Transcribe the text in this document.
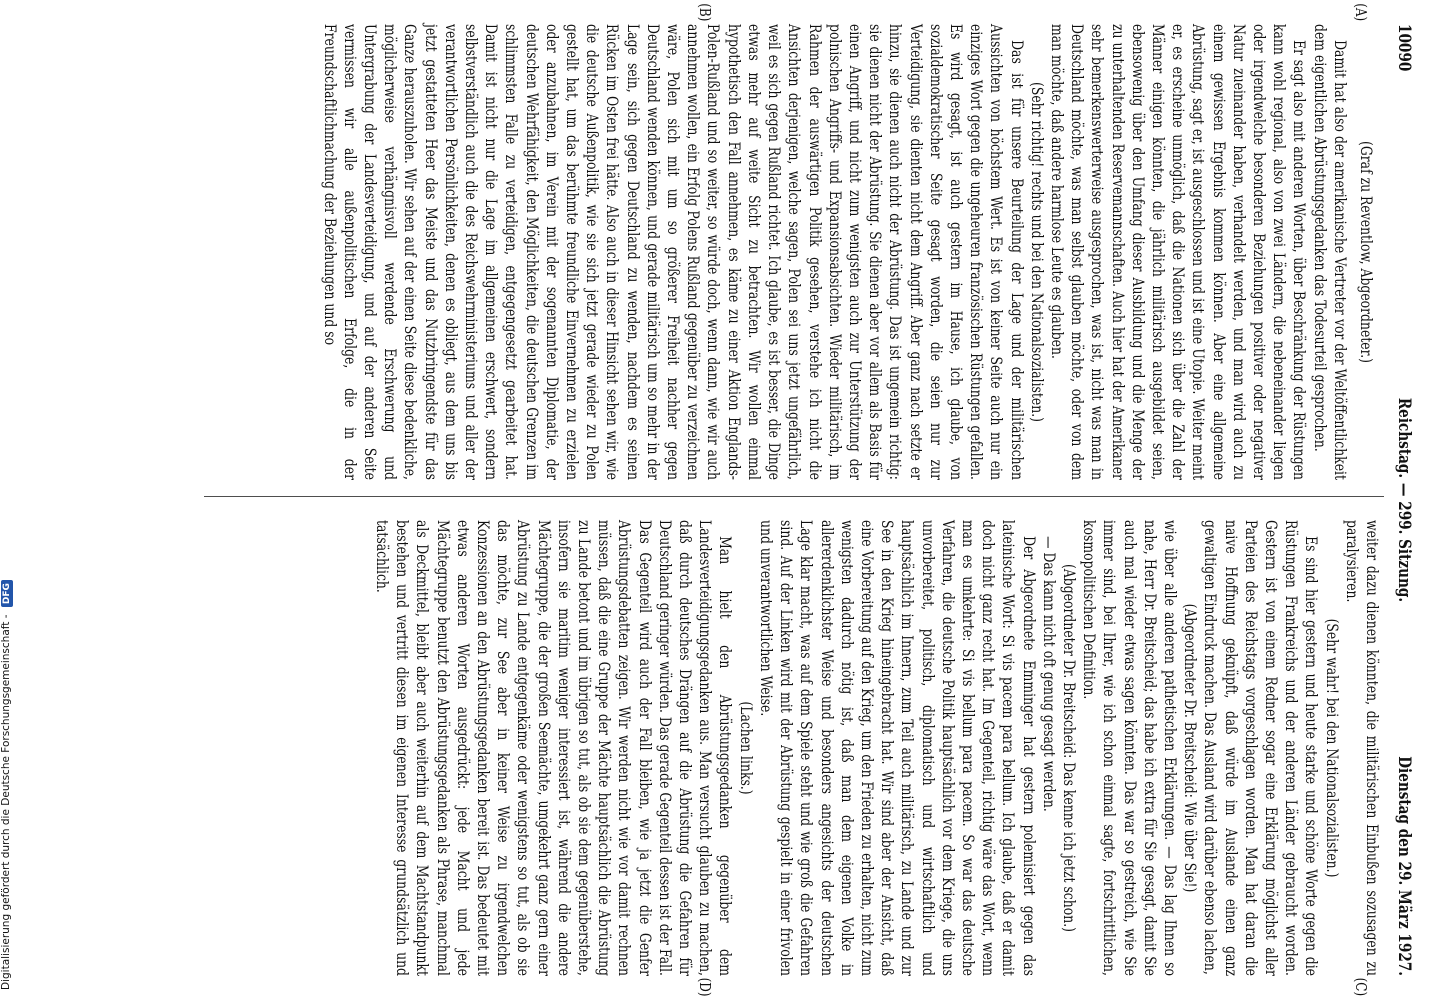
10090
Reichstag. — 299. Sitzung.
Dienstag den 29. März 1927.
(A)
(B)
(C)
(D)

(Graf zu Reventlow, Abgeordneter.)

Damit hat also der amerikanische Vertreter vor der Weltöffentlichkeit dem eigentlichen Abrüstungsgedanken das Todesurteil gesprochen.

Er sagt also mit anderen Worten, über Beschränkung der Rüstungen kann wohl regional, also von zwei Ländern, die nebeneinander liegen oder irgendwelche besonderen Beziehungen positiver oder negativer Natur zueinander haben, verhandelt werden, und man wird auch zu einem gewissen Ergebnis kommen können. Aber eine allgemeine Abrüstung, sagt er, ist ausgeschlossen und ist eine Utopie. Weiter meint er, es erscheine unmöglich, daß die Nationen sich über die Zahl der Männer einigen könnten, die jährlich militärisch ausgebildet seien, ebensowenig über den Umfang dieser Ausbildung und die Menge der zu unterhaltenden Reservemannschaften. Auch hier hat der Amerikaner sehr bemerkenswerterweise ausgesprochen, was ist, nicht was man in Deutschland möchte, was man selbst glauben möchte, oder von dem man möchte, daß andere harmlose Leute es glauben.

(Sehr richtig! rechts und bei den Nationalsozialisten.)

Das ist für unsere Beurteilung der Lage und der militärischen Aussichten von höchstem Wert. Es ist von keiner Seite auch nur ein einziges Wort gegen die ungeheuren französischen Rüstungen gefallen. Es wird gesagt, ist auch gestern im Hause, ich glaube, von sozialdemokratischer Seite gesagt worden, die seien nur zur Verteidigung, sie dienten nicht dem Angriff. Aber ganz nach setzte er hinzu, sie dienen auch nicht der Abrüstung. Das ist ungemein richtig: sie dienen nicht der Abrüstung. Sie dienen aber vor allem als Basis für einen Angriff, und nicht zum wenigsten auch zur Unterstützung der polnischen Angriffs- und Expansionsabsichten. Wieder militärisch, im Rahmen der auswärtigen Politik gesehen, verstehe ich nicht die Ansichten derjenigen, welche sagen, Polen sei uns jetzt ungefährlich, weil es sich gegen Rußland richtet. Ich glaube, es ist besser, die Dinge etwas mehr auf weite Sicht zu betrachten. Wir wollen einmal hypothetisch den Fall annehmen, es käme zu einer Aktion Englands-Polen-Rußland und so weiter, so würde doch, wenn dann, wie wir auch annehmen wollen, ein Erfolg Polens Rußland gegenüber zu verzeichnen wäre, Polen sich mit um so größerer Freiheit nachher gegen Deutschland wenden können, und gerade militärisch um so mehr in der Lage sein, sich gegen Deutschland zu wenden, nachdem es seinen Rücken im Osten frei hätte. Also auch in dieser Hinsicht sehen wir, wie die deutsche Außenpolitik, wie sie sich jetzt gerade wieder zu Polen gestellt hat, um das berühmte freundliche Einvernehmen zu erzielen oder anzubahnen, im Verein mit der sogenannten Diplomatie, der deutschen Wehrfähigkeit, den Möglichkeiten, die deutschen Grenzen im schlimmsten Falle zu verteidigen, entgegengesetzt gearbeitet hat. Damit ist nicht nur die Lage im allgemeinen erschwert, sondern selbstverständlich auch die des Reichswehrministeriums und aller der verantwortlichen Persönlichkeiten, denen es obliegt, aus dem uns bis jetzt gestatteten Heer das Meiste und das Nutzbringendste für das Ganze herauszuholen. Wir sehen auf der einen Seite diese bedenkliche, möglicherweise verhängnisvoll werdende Erschwerung und Untergrabung der Landesverteidigung, und auf der anderen Seite vermissen wir alle außenpolitischen Erfolge, die in der Freundschaftlichmachung der Beziehungen und so

weiter dazu dienen könnten, die militärischen Einbußen sozusagen zu paralysieren.

(Sehr wahr! bei den Nationalsozialisten.)

Es sind hier gestern und heute starke und schöne Worte gegen die Rüstungen Frankreichs und der anderen Länder gebraucht worden. Gestern ist von einem Redner sogar eine Erklärung möglichst aller Parteien des Reichstags vorgeschlagen worden. Man hat daran die naive Hoffnung geknüpft, daß würde im Auslande einen ganz gewaltigen Eindruck machen. Das Ausland wird darüber ebenso lachen,

(Abgeordneter Dr. Breitscheid: Wie über Sie!)

wie über alle anderen pathetischen Erklärungen. — Das lag Ihnen so nahe, Herr Dr. Breitscheid; das habe ich extra für Sie gesagt, damit Sie auch mal wieder etwas sagen könnten. Das war so gestreich, wie Sie immer sind, bei Ihrer, wie ich schon einmal sagte, fortschrittlichen, kosmopolitischen Definition.

(Abgeordneter Dr. Breitscheid: Das kenne ich jetzt schon.)

— Das kann nicht oft genug gesagt werden.

Der Abgeordnete Emminger hat gestern polemisiert gegen das lateinische Wort: Si vis pacem para bellum. Ich glaube, daß er damit doch nicht ganz recht hat. Im Gegenteil, richtig wäre das Wort, wenn man es umkehrte: Si vis bellum para pacem. So war das deutsche Verfahren, die deutsche Politik hauptsächlich vor dem Kriege, die uns unvorbereitet, politisch, diplomatisch und wirtschaftlich und hauptsächlich im Innern, zum Teil auch militärisch, zu Lande und zur See in den Krieg hineingebracht hat. Wir sind aber der Ansicht, daß eine Vorbereitung auf den Krieg, um den Frieden zu erhalten, nicht zum wenigsten dadurch nötig ist, daß man dem eigenen Volke in allererdenklichster Weise und besonders angesichts der deutschen Lage klar macht, was auf dem Spiele steht und wie groß die Gefahren sind. Auf der Linken wird mit der Abrüstung gespielt in einer frivolen und unverantwortlichen Weise.

(Lachen links.)

Man hielt den Abrüstungsgedanken gegenüber dem Landesverteidigungsgedanken aus. Man versucht glauben zu machen, daß durch deutsches Drängen auf die Abrüstung die Gefahren für Deutschland geringer würden. Das gerade Gegenteil dessen ist der Fall. Das Gegenteil wird auch der Fall bleiben, wie ja jetzt die Genfer Abrüstungsdebatten zeigen. Wir werden nicht wie vor damit rechnen müssen, daß die eine Gruppe der Mächte hauptsächlich die Abrüstung zu Lande betont und im übrigen so tut, als ob sie dem gegenüberstehe, insofern sie maritim weniger interessiert ist, während die andere Mächtegruppe, die der großen Seemächte, umgekehrt ganz gern einer Abrüstung zu Lande entgegenkäme oder wenigstens so tut, als ob sie das möchte, zur See aber in keiner Weise zu irgendwelchen Konzessionen an den Abrüstungsgedanken bereit ist. Das bedeutet mit etwas anderen Worten ausgedrückt: jede Macht und jede Mächtegruppe benutzt den Abrüstungsgedanken als Phrase, manchmal als Deckmittel, bleibt aber auch weiterhin auf dem Machtstandpunkt bestehen und vertritt diesen im eigenen Interesse grundsätzlich und tatsächlich.

Digitalisierung gefördert durch die Deutsche Forschungsgemeinschaft - DFG
